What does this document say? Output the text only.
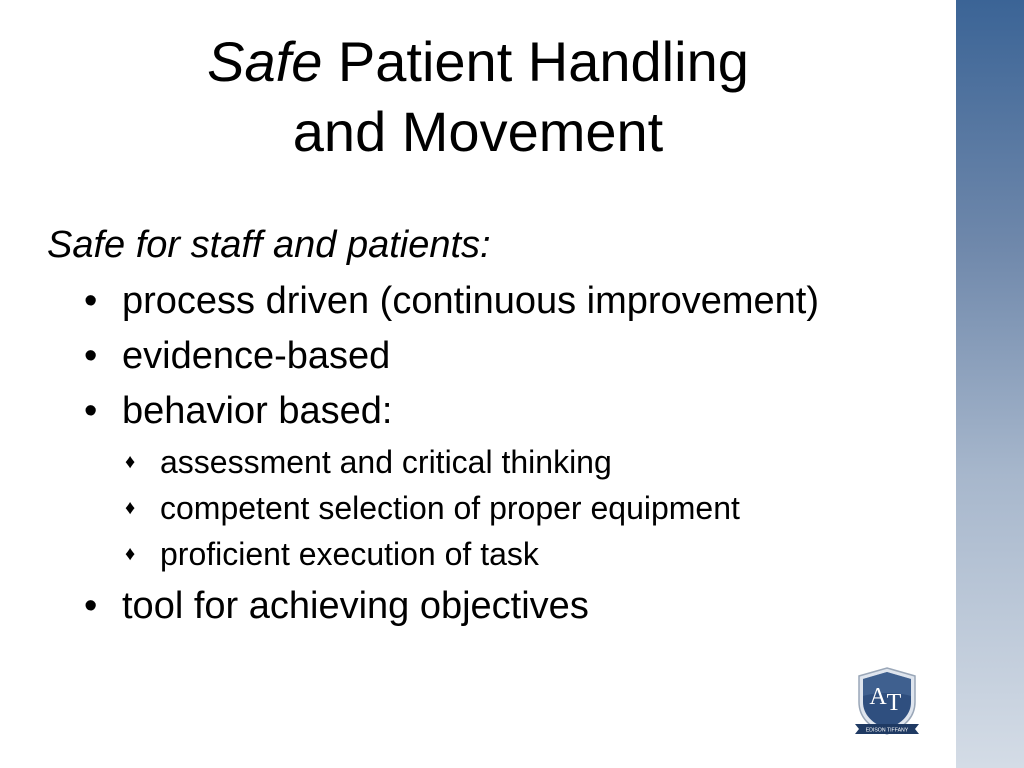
Safe Patient Handling
and Movement

Safe for staff and patients:

• process driven (continuous improvement)
• evidence-based
• behavior based:
♦ assessment and critical thinking
♦ competent selection of proper equipment
♦ proficient execution of task
• tool for achieving objectives
A T
EDISON TIFFANY
